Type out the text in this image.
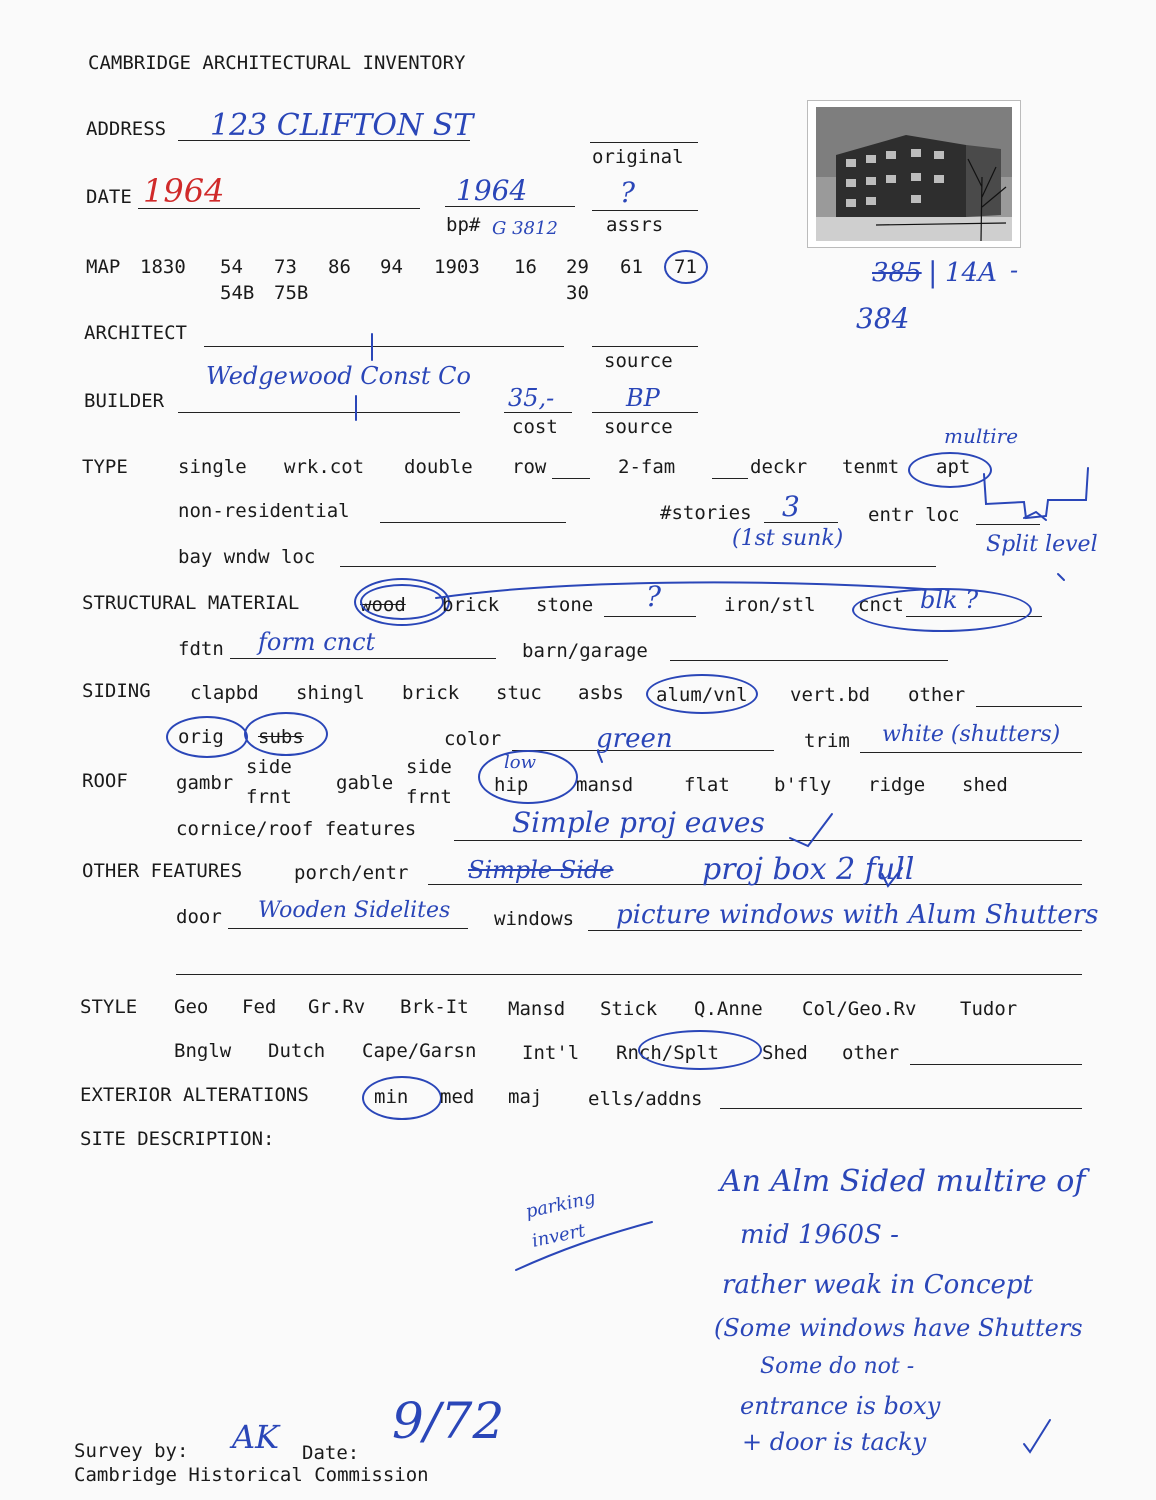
CAMBRIDGE ARCHITECTURAL INVENTORY
385 | 14A -
384
ADDRESS 123 CLIFTON ST
original
DATE 1964	1964
bp# G 3812
?
assrs
MAP 1830 54 73 86 94 1903 16 29 61 71
54B 75B	30
ARCHITECT
source
BUILDER
Wedgewood Const Co
35,-
cost
BP
source
TYPE	single wrk.cot double row	2-fam	deckr tenmt apt
multire
non-residential	#stories 3
(1st sunk)
entr loc
Split level
bay wndw loc
STRUCTURAL MATERIAL	wood brick stone ?	iron/stl cnct blk ?
fdtn form cnct	barn/garage
SIDING clapbd shingl brick stuc asbs alum/vnl vert.bd other
orig subs	color	green	trim white (shutters)
ROOF	gambr
side
frnt
gable
side
frnt
hip
low
mansd	flat b'fly ridge shed
cornice/roof features	Simple proj eaves
OTHER FEATURES	porch/entr Simple Side	proj box 2 full
door Wooden Sidelites windows picture windows with Alum Shutters
STYLE Geo Fed Gr.Rv Brk-It Mansd Stick Q.Anne Col/Geo.Rv Tudor
Bnglw Dutch Cape/Garsn Int'l Rnch/Splt Shed other
EXTERIOR ALTERATIONS	min med maj ells/addns
SITE DESCRIPTION:
parking invert
An Alm Sided multire of
mid 1960S -
rather weak in Concept
(Some windows have Shutters
Some do not -
entrance is boxy
+ door is tacky
Survey by: AK Date:
9/72
Cambridge Historical Commission
